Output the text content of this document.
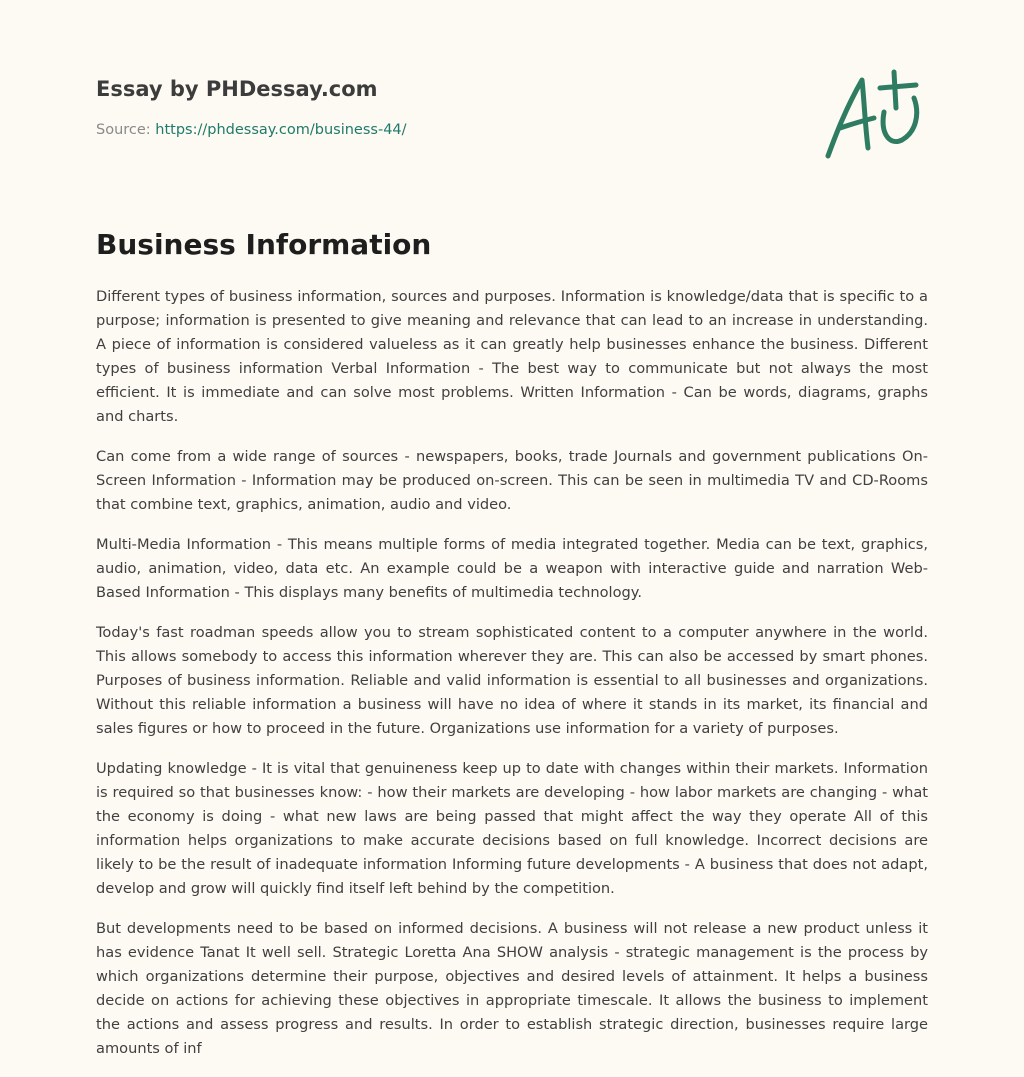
Essay by PHDessay.com
Source: https://phdessay.com/business-44/
Business Information

Different types of business information, sources and purposes. Information is knowledge/data that is specific to a purpose; information is presented to give meaning and relevance that can lead to an increase in understanding. A piece of information is considered valueless as it can greatly help businesses enhance the business. Different types of business information Verbal Information - The best way to communicate but not always the most efficient. It is immediate and can solve most problems. Written Information - Can be words, diagrams, graphs and charts.

Can come from a wide range of sources - newspapers, books, trade Journals and government publications On-Screen Information - Information may be produced on-screen. This can be seen in multimedia TV and CD-Rooms that combine text, graphics, animation, audio and video.

Multi-Media Information - This means multiple forms of media integrated together. Media can be text, graphics, audio, animation, video, data etc. An example could be a weapon with interactive guide and narration Web-Based Information - This displays many benefits of multimedia technology.

Today's fast roadman speeds allow you to stream sophisticated content to a computer anywhere in the world. This allows somebody to access this information wherever they are. This can also be accessed by smart phones. Purposes of business information. Reliable and valid information is essential to all businesses and organizations. Without this reliable information a business will have no idea of where it stands in its market, its financial and sales figures or how to proceed in the future. Organizations use information for a variety of purposes.

Updating knowledge - It is vital that genuineness keep up to date with changes within their markets. Information is required so that businesses know: - how their markets are developing - how labor markets are changing - what the economy is doing - what new laws are being passed that might affect the way they operate All of this information helps organizations to make accurate decisions based on full knowledge. Incorrect decisions are likely to be the result of inadequate information Informing future developments - A business that does not adapt, develop and grow will quickly find itself left behind by the competition.

But developments need to be based on informed decisions. A business will not release a new product unless it has evidence Tanat It well sell. Strategic Loretta Ana SHOW analysis - strategic management is the process by which organizations determine their purpose, objectives and desired levels of attainment. It helps a business decide on actions for achieving these objectives in appropriate timescale. It allows the business to implement the actions and assess progress and results. In order to establish strategic direction, businesses require large amounts of inf
